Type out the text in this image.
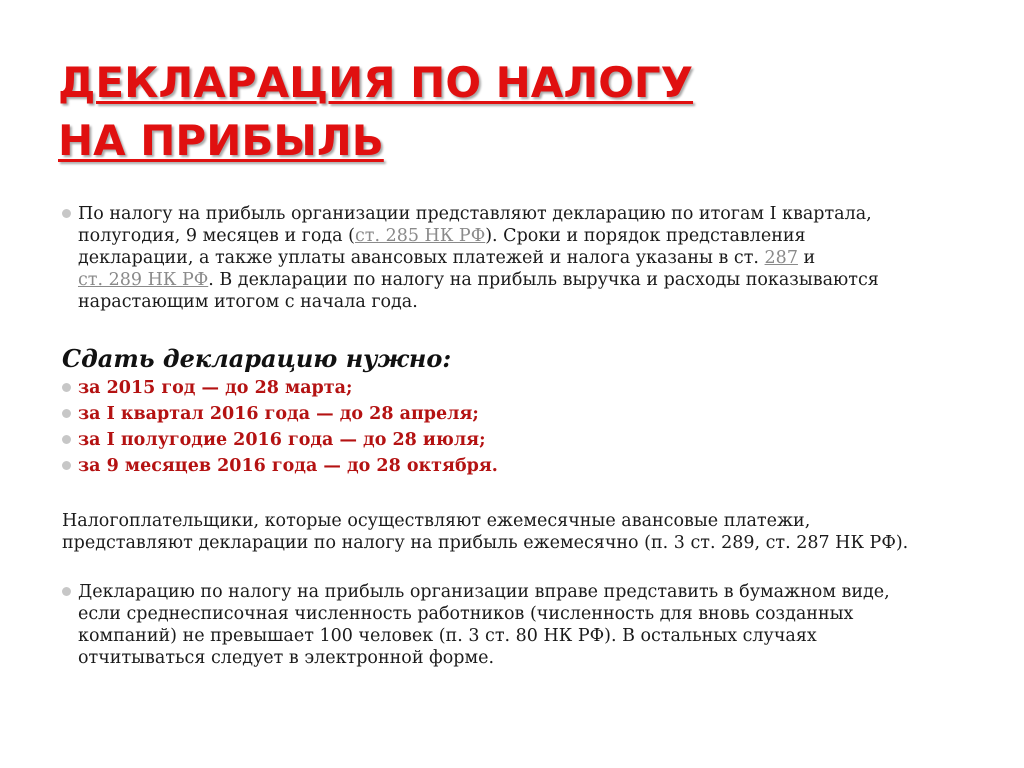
ДЕКЛАРАЦИЯ ПО НАЛОГУ
НА ПРИБЫЛЬ

По налогу на прибыль организации представляют декларацию по итогам I квартала,
полугодия, 9 месяцев и года (ст. 285 НК РФ). Сроки и порядок представления
декларации, а также уплаты авансовых платежей и налога указаны в ст. 287 и
ст. 289 НК РФ. В декларации по налогу на прибыль выручка и расходы показываются
нарастающим итогом с начала года.

Сдать декларацию нужно:

за 2015 год — до 28 марта;

за I квартал 2016 года — до 28 апреля;

за I полугодие 2016 года — до 28 июля;

за 9 месяцев 2016 года — до 28 октября.

Налогоплательщики, которые осуществляют ежемесячные авансовые платежи,
представляют декларации по налогу на прибыль ежемесячно (п. 3 ст. 289, ст. 287 НК РФ).

Декларацию по налогу на прибыль организации вправе представить в бумажном виде,
если среднесписочная численность работников (численность для вновь созданных
компаний) не превышает 100 человек (п. 3 ст. 80 НК РФ). В остальных случаях
отчитываться следует в электронной форме.
